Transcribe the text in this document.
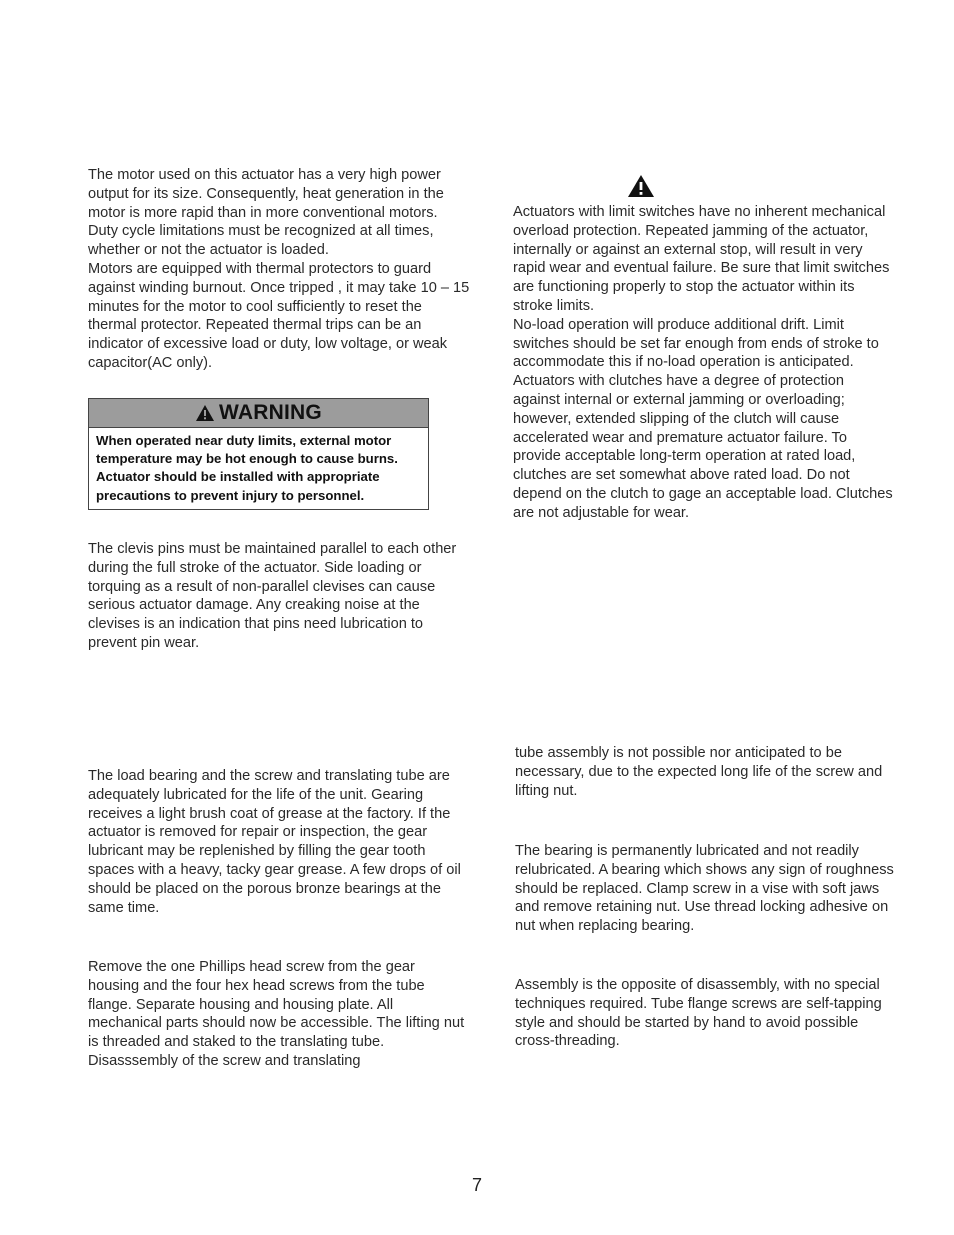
The motor used on this actuator has a very high power output for its size. Consequently, heat generation in the motor is more rapid than in more conventional motors. Duty cycle limitations must be recognized at all times, whether or not the actuator is loaded.

Motors are equipped with thermal protectors to guard against winding burnout. Once tripped , it may take 10 – 15 minutes for the motor to cool sufficiently to reset the thermal protector. Repeated thermal trips can be an indicator of excessive load or duty, low voltage, or weak capacitor(AC only).

WARNING
When operated near duty limits, external motor temperature may be hot enough to cause burns. Actuator should be installed with appropriate precautions to prevent injury to personnel.

The clevis pins must be maintained parallel to each other during the full stroke of the actuator. Side loading or torquing as a result of non-parallel clevises can cause serious actuator damage. Any creaking noise at the clevises is an indication that pins need lubrication to prevent pin wear.

The load bearing and the screw and translating tube are adequately lubricated for the life of the unit. Gearing receives a light brush coat of grease at the factory. If the actuator is removed for repair or inspection, the gear lubricant may be replenished by filling the gear tooth spaces with a heavy, tacky gear grease. A few drops of oil should be placed on the porous bronze bearings at the same time.

Remove the one Phillips head screw from the gear housing and the four hex head screws from the tube flange. Separate housing and housing plate. All mechanical parts should now be accessible. The lifting nut is threaded and staked to the translating tube. Disasssembly of the screw and translating

Actuators with limit switches have no inherent mechanical overload protection. Repeated jamming of the actuator, internally or against an external stop, will result in very rapid wear and eventual failure. Be sure that limit switches are functioning properly to stop the actuator within its stroke limits.

No-load operation will produce additional drift. Limit switches should be set far enough from ends of stroke to accommodate this if no-load operation is anticipated.

Actuators with clutches have a degree of protection against internal or external jamming or overloading; however, extended slipping of the clutch will cause accelerated wear and premature actuator failure. To provide acceptable long-term operation at rated load, clutches are set somewhat above rated load. Do not depend on the clutch to gage an acceptable load. Clutches are not adjustable for wear.

tube assembly is not possible nor anticipated to be necessary, due to the expected long life of the screw and lifting nut.

The bearing is permanently lubricated and not readily relubricated. A bearing which shows any sign of roughness should be replaced. Clamp screw in a vise with soft jaws and remove retaining nut. Use thread locking adhesive on nut when replacing bearing.

Assembly is the opposite of disassembly, with no special techniques required. Tube flange screws are self-tapping style and should be started by hand to avoid possible cross-threading.

7
